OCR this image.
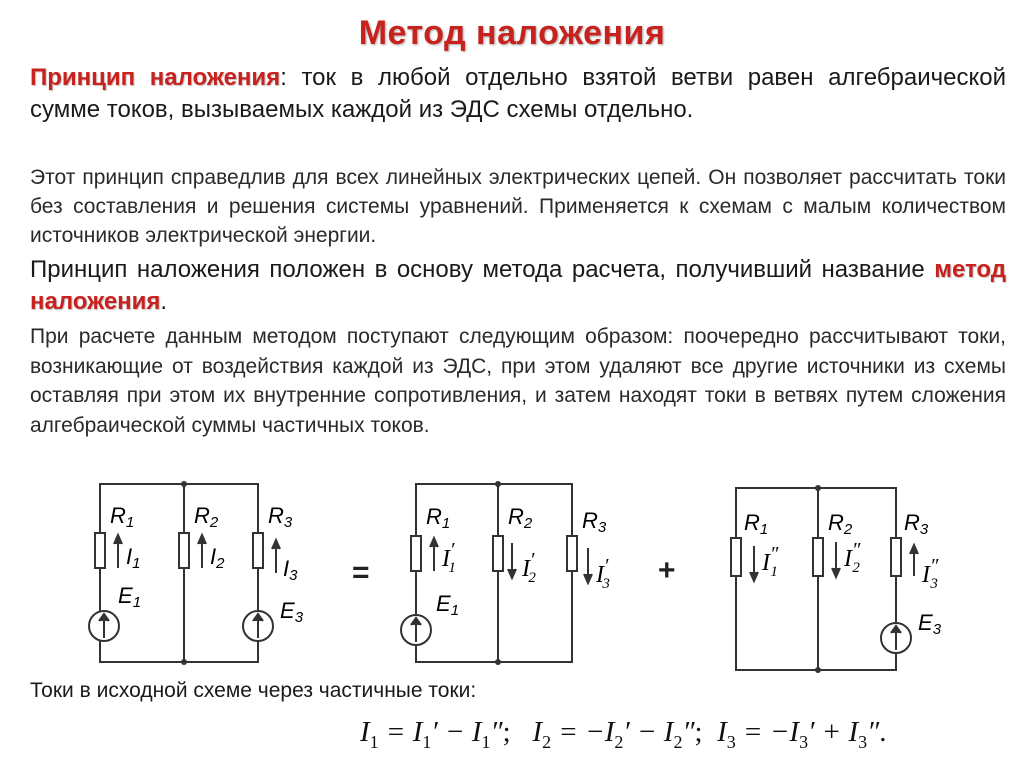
Метод наложения

Принцип наложения: ток в любой отдельно взятой ветви равен алгебраической сумме токов, вызываемых каждой из ЭДС схемы отдельно.

Этот принцип справедлив для всех линейных электрических цепей. Он позволяет рассчитать токи без составления и решения системы уравнений. Применяется к схемам с малым количеством источников электрической энергии.

Принцип наложения положен в основу метода расчета, получивший название метод наложения.

При расчете данным методом поступают следующим образом: поочередно рассчитывают токи, возникающие от воздействия каждой из ЭДС, при этом удаляют все другие источники из схемы оставляя при этом их внутренние сопротивления, и затем находят токи в ветвях путем сложения алгебраической суммы частичных токов.

R1	R2 R3
I1	I2	I3
E1	E3
=
R1	R2 R3
I′ 1	I′ 2	I′ 3
E1
+
R1	R2 R3
I″ 1	I″ 2	I″ 3
E3

Токи в исходной схеме через частичные токи:

$I_1 = I_1' - I_1''$; $I_2 = -I_2' - I_2''$; $I_3 = -I_3' + I_3''$.
